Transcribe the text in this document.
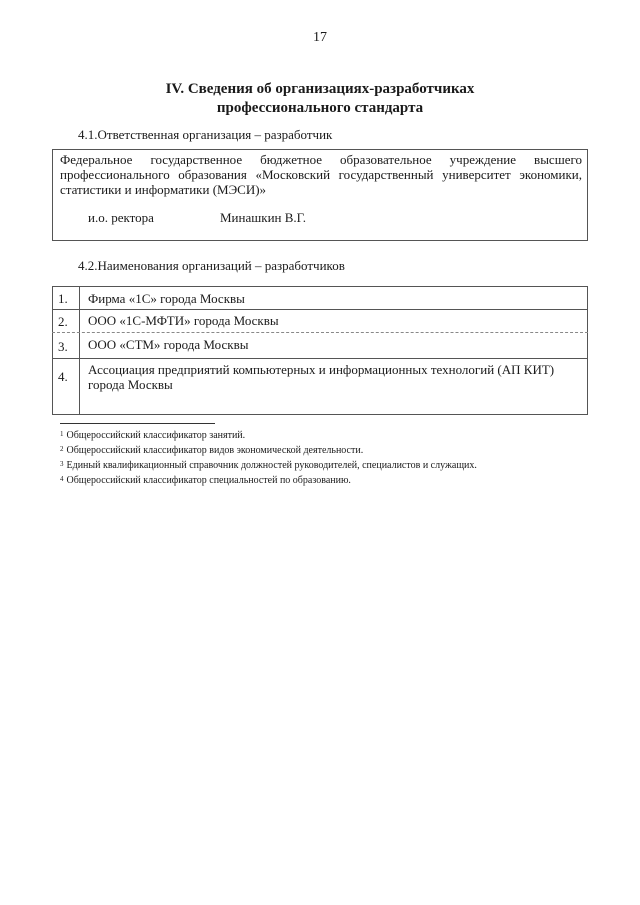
17
IV. Сведения об организациях-разработчиках
профессионального стандарта
4.1.Ответственная организация – разработчик
Федеральное государственное бюджетное образовательное учреждение высшего
профессионального образования «Московский государственный университет экономики,
статистики и информатики (МЭСИ)»
и.о. ректора	Минашкин В.Г.
4.2.Наименования организаций – разработчиков
1. Фирма «1С» города Москвы
2. ООО «1С-МФТИ» города Москвы
3. ООО «СТМ» города Москвы
4. Ассоциация предприятий компьютерных и информационных технологий (АП КИТ)
города Москвы
$^1$ Общероссийский классификатор занятий.
$^2$ Общероссийский классификатор видов экономической деятельности.
$^3$ Единый квалификационный справочник должностей руководителей, специалистов и служащих.
$^4$ Общероссийский классификатор специальностей по образованию.
